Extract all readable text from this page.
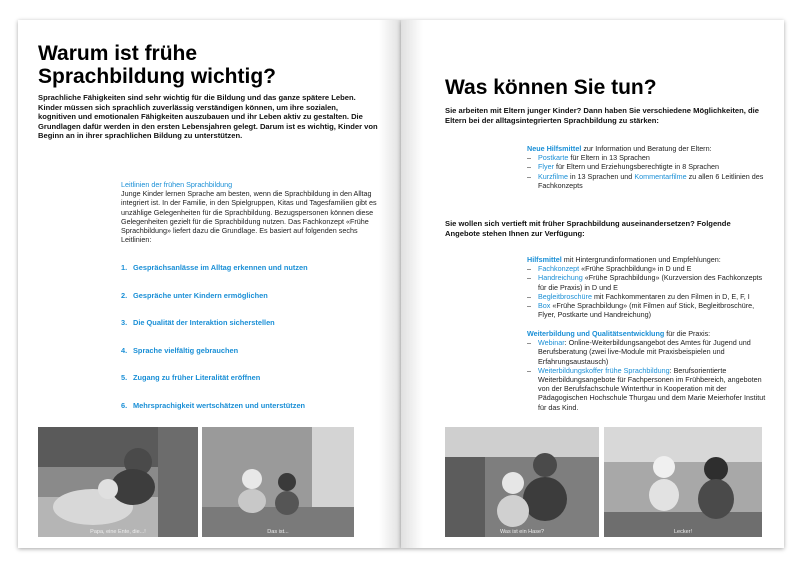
Warum ist frühe
Sprachbildung wichtig?
Sprachliche Fähigkeiten sind sehr wichtig für die Bildung und das ganze spätere Leben. Kinder müssen sich sprachlich zuverlässig verständigen können, um ihre sozialen, kognitiven und emotionalen Fähigkeiten auszubauen und ihr Leben aktiv zu gestalten. Die Grundlagen dafür werden in den ersten Lebensjahren gelegt. Darum ist es wichtig, Kinder von Beginn an in ihrer sprachlichen Bildung zu unterstützen.
Leitlinien der frühen Sprachbildung
Junge Kinder lernen Sprache am besten, wenn die Sprachbildung in den Alltag integriert ist. In der Familie, in den Spielgruppen, Kitas und Tagesfamilien gibt es unzählige Gelegenheiten für die Sprachbildung. Bezugspersonen können diese Gelegenheiten gezielt für die Sprachbildung nutzen. Das Fachkonzept «Frühe Sprachbildung» liefert dazu die Grundlage. Es basiert auf folgenden sechs Leitlinien:
1. Gesprächsanlässe im Alltag erkennen und nutzen
2. Gespräche unter Kindern ermöglichen
3. Die Qualität der Interaktion sicherstellen
4. Sprache vielfältig gebrauchen
5. Zugang zu früher Literalität eröffnen
6. Mehrsprachigkeit wertschätzen und unterstützen
Papa, eine Ente, die...!	Das ist...
Was können Sie tun?
Sie arbeiten mit Eltern junger Kinder? Dann haben Sie verschiedene Möglichkeiten, die Eltern bei der alltagsintegrierten Sprachbildung zu stärken:
Neue Hilfsmittel zur Information und Beratung der Eltern:
– Postkarte für Eltern in 13 Sprachen
– Flyer für Eltern und Erziehungsberechtigte in 8 Sprachen
– Kurzfilme in 13 Sprachen und Kommentarfilme zu allen 6 Leitlinien des Fachkonzepts
Sie wollen sich vertieft mit früher Sprachbildung auseinandersetzen? Folgende Angebote stehen Ihnen zur Verfügung:
Hilfsmittel mit Hintergrundinformationen und Empfehlungen:
– Fachkonzept «Frühe Sprachbildung» in D und E
– Handreichung «Frühe Sprachbildung» (Kurzversion des Fachkonzepts für die Praxis) in D und E
– Begleitbroschüre mit Fachkommentaren zu den Filmen in D, E, F, I
– Box «Frühe Sprachbildung» (mit Filmen auf Stick, Begleitbroschüre, Flyer, Postkarte und Handreichung)
Weiterbildung und Qualitätsentwicklung für die Praxis:
– Webinar: Online-Weiterbildungsangebot des Amtes für Jugend und Berufsberatung (zwei live-Module mit Praxisbeispielen und Erfahrungsaustausch)
– Weiterbildungskoffer frühe Sprachbildung: Berufsorientierte Weiterbildungsangebote für Fachpersonen im Frühbereich, angeboten von der Berufsfachschule Winterthur in Kooperation mit der Pädagogischen Hochschule Thurgau und dem Marie Meierhofer Institut für das Kind.
Was ist ein Hase?	Lecker!
